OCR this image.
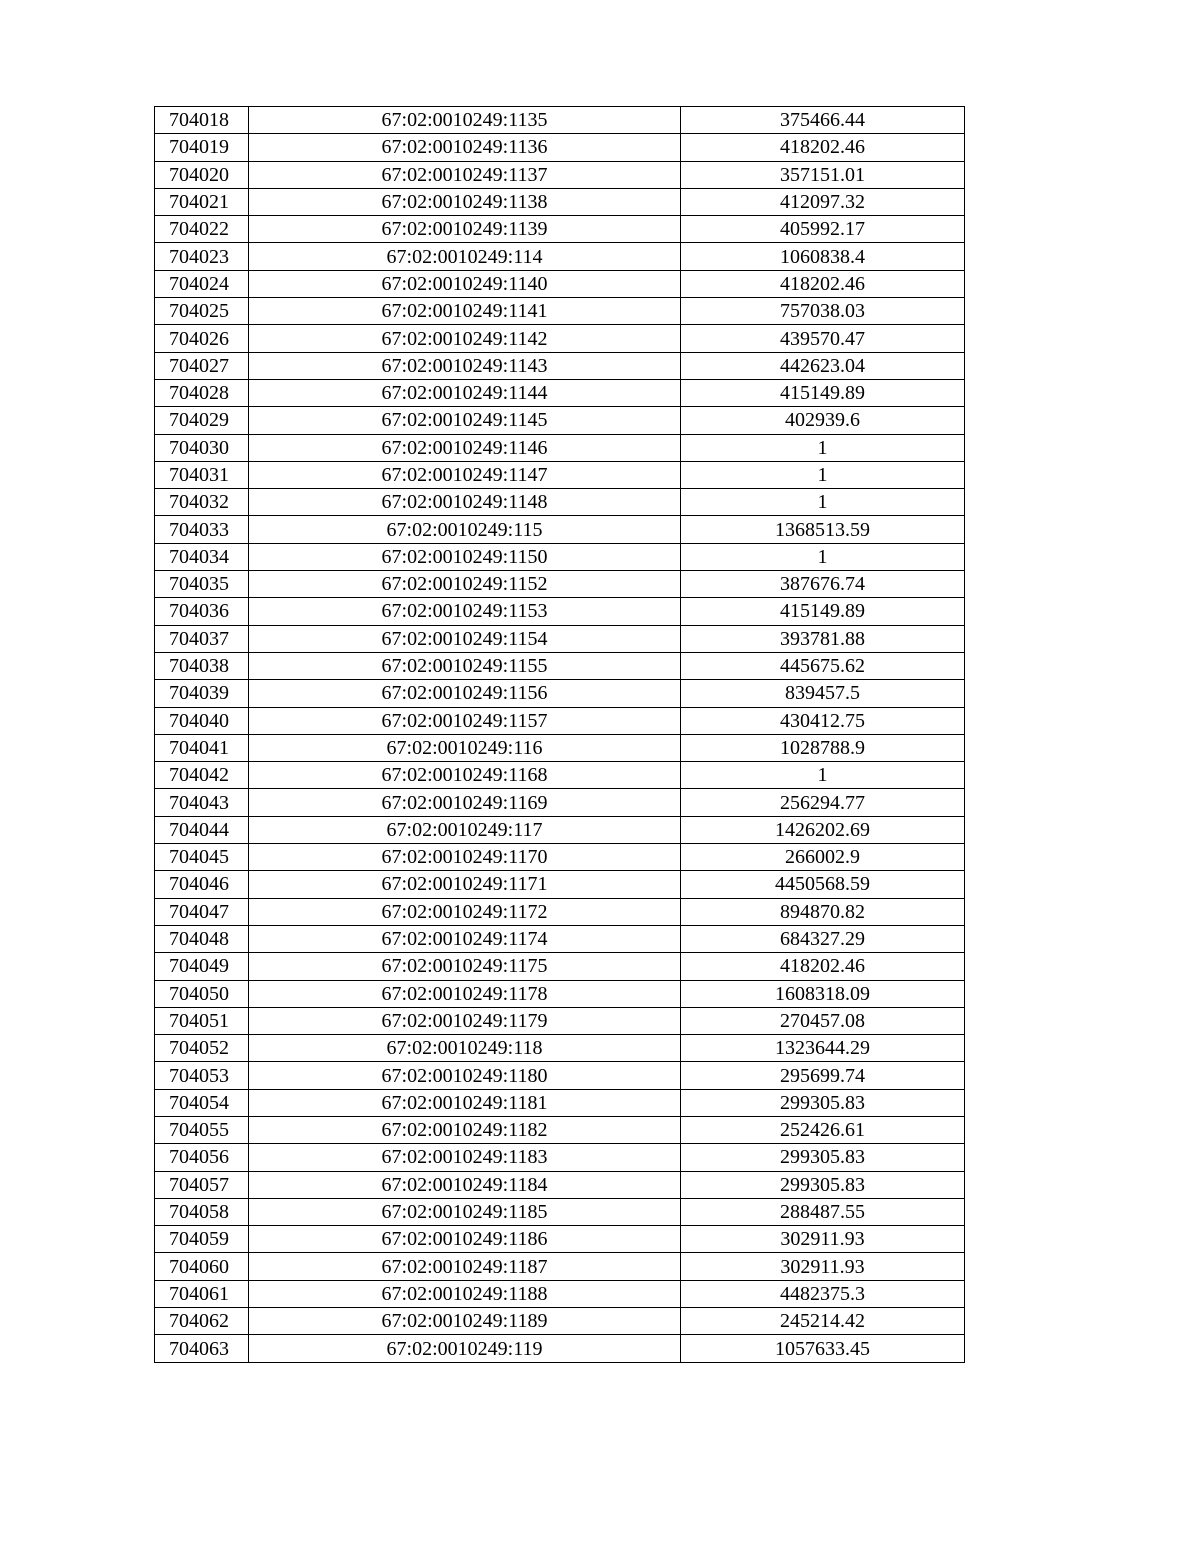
704018	67:02:0010249:1135	375466.44
704019	67:02:0010249:1136	418202.46
704020	67:02:0010249:1137	357151.01
704021	67:02:0010249:1138	412097.32
704022	67:02:0010249:1139	405992.17
704023	67:02:0010249:114	1060838.4
704024	67:02:0010249:1140	418202.46
704025	67:02:0010249:1141	757038.03
704026	67:02:0010249:1142	439570.47
704027	67:02:0010249:1143	442623.04
704028	67:02:0010249:1144	415149.89
704029	67:02:0010249:1145	402939.6
704030	67:02:0010249:1146	1
704031	67:02:0010249:1147	1
704032	67:02:0010249:1148	1
704033	67:02:0010249:115	1368513.59
704034	67:02:0010249:1150	1
704035	67:02:0010249:1152	387676.74
704036	67:02:0010249:1153	415149.89
704037	67:02:0010249:1154	393781.88
704038	67:02:0010249:1155	445675.62
704039	67:02:0010249:1156	839457.5
704040	67:02:0010249:1157	430412.75
704041	67:02:0010249:116	1028788.9
704042	67:02:0010249:1168	1
704043	67:02:0010249:1169	256294.77
704044	67:02:0010249:117	1426202.69
704045	67:02:0010249:1170	266002.9
704046	67:02:0010249:1171	4450568.59
704047	67:02:0010249:1172	894870.82
704048	67:02:0010249:1174	684327.29
704049	67:02:0010249:1175	418202.46
704050	67:02:0010249:1178	1608318.09
704051	67:02:0010249:1179	270457.08
704052	67:02:0010249:118	1323644.29
704053	67:02:0010249:1180	295699.74
704054	67:02:0010249:1181	299305.83
704055	67:02:0010249:1182	252426.61
704056	67:02:0010249:1183	299305.83
704057	67:02:0010249:1184	299305.83
704058	67:02:0010249:1185	288487.55
704059	67:02:0010249:1186	302911.93
704060	67:02:0010249:1187	302911.93
704061	67:02:0010249:1188	4482375.3
704062	67:02:0010249:1189	245214.42
704063	67:02:0010249:119	1057633.45
